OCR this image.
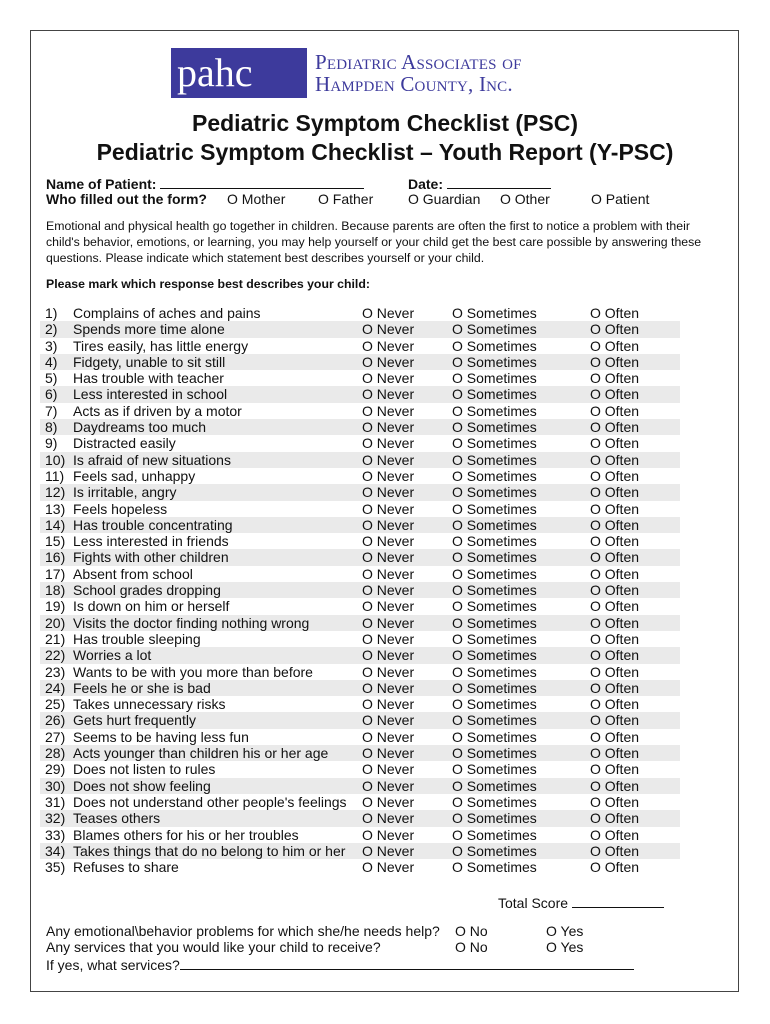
pahc	Pediatric Associates of
Hampden County, Inc.
Pediatric Symptom Checklist (PSC)
Pediatric Symptom Checklist – Youth Report (Y-PSC)
Name of Patient:	Date:
Who filled out the form? O Mother O Father O Guardian O Other	O Patient
Emotional and physical health go together in children. Because parents are often the first to notice a problem with their child's behavior, emotions, or learning, you may help yourself or your child get the best care possible by answering these questions. Please indicate which statement best describes yourself or your child.
Please mark which response best describes your child:
1) Complains of aches and pains	O Never	O Sometimes	O Often
2) Spends more time alone	O Never	O Sometimes	O Often
3) Tires easily, has little energy	O Never	O Sometimes	O Often
4) Fidgety, unable to sit still	O Never	O Sometimes	O Often
5) Has trouble with teacher	O Never	O Sometimes	O Often
6) Less interested in school	O Never	O Sometimes	O Often
7) Acts as if driven by a motor	O Never	O Sometimes	O Often
8) Daydreams too much	O Never	O Sometimes	O Often
9) Distracted easily	O Never	O Sometimes	O Often
10) Is afraid of new situations	O Never	O Sometimes	O Often
11) Feels sad, unhappy	O Never	O Sometimes	O Often
12) Is irritable, angry	O Never	O Sometimes	O Often
13) Feels hopeless	O Never	O Sometimes	O Often
14) Has trouble concentrating	O Never	O Sometimes	O Often
15) Less interested in friends	O Never	O Sometimes	O Often
16) Fights with other children	O Never	O Sometimes	O Often
17) Absent from school	O Never	O Sometimes	O Often
18) School grades dropping	O Never	O Sometimes	O Often
19) Is down on him or herself	O Never	O Sometimes	O Often
20) Visits the doctor finding nothing wrong	O Never	O Sometimes	O Often
21) Has trouble sleeping	O Never	O Sometimes	O Often
22) Worries a lot	O Never	O Sometimes	O Often
23) Wants to be with you more than before	O Never	O Sometimes	O Often
24) Feels he or she is bad	O Never	O Sometimes	O Often
25) Takes unnecessary risks	O Never	O Sometimes	O Often
26) Gets hurt frequently	O Never	O Sometimes	O Often
27) Seems to be having less fun	O Never	O Sometimes	O Often
28) Acts younger than children his or her age O Never	O Sometimes	O Often
29) Does not listen to rules	O Never	O Sometimes	O Often
30) Does not show feeling	O Never	O Sometimes	O Often
31) Does not understand other people's feelings O Never	O Sometimes	O Often
32) Teases others	O Never	O Sometimes	O Often
33) Blames others for his or her troubles	O Never	O Sometimes	O Often
34) Takes things that do no belong to him or her O Never	O Sometimes	O Often
35) Refuses to share	O Never	O Sometimes	O Often
Total Score
Any emotional\behavior problems for which she/he needs help? O No	O Yes
Any services that you would like your child to receive?	O No	O Yes
If yes, what services?
